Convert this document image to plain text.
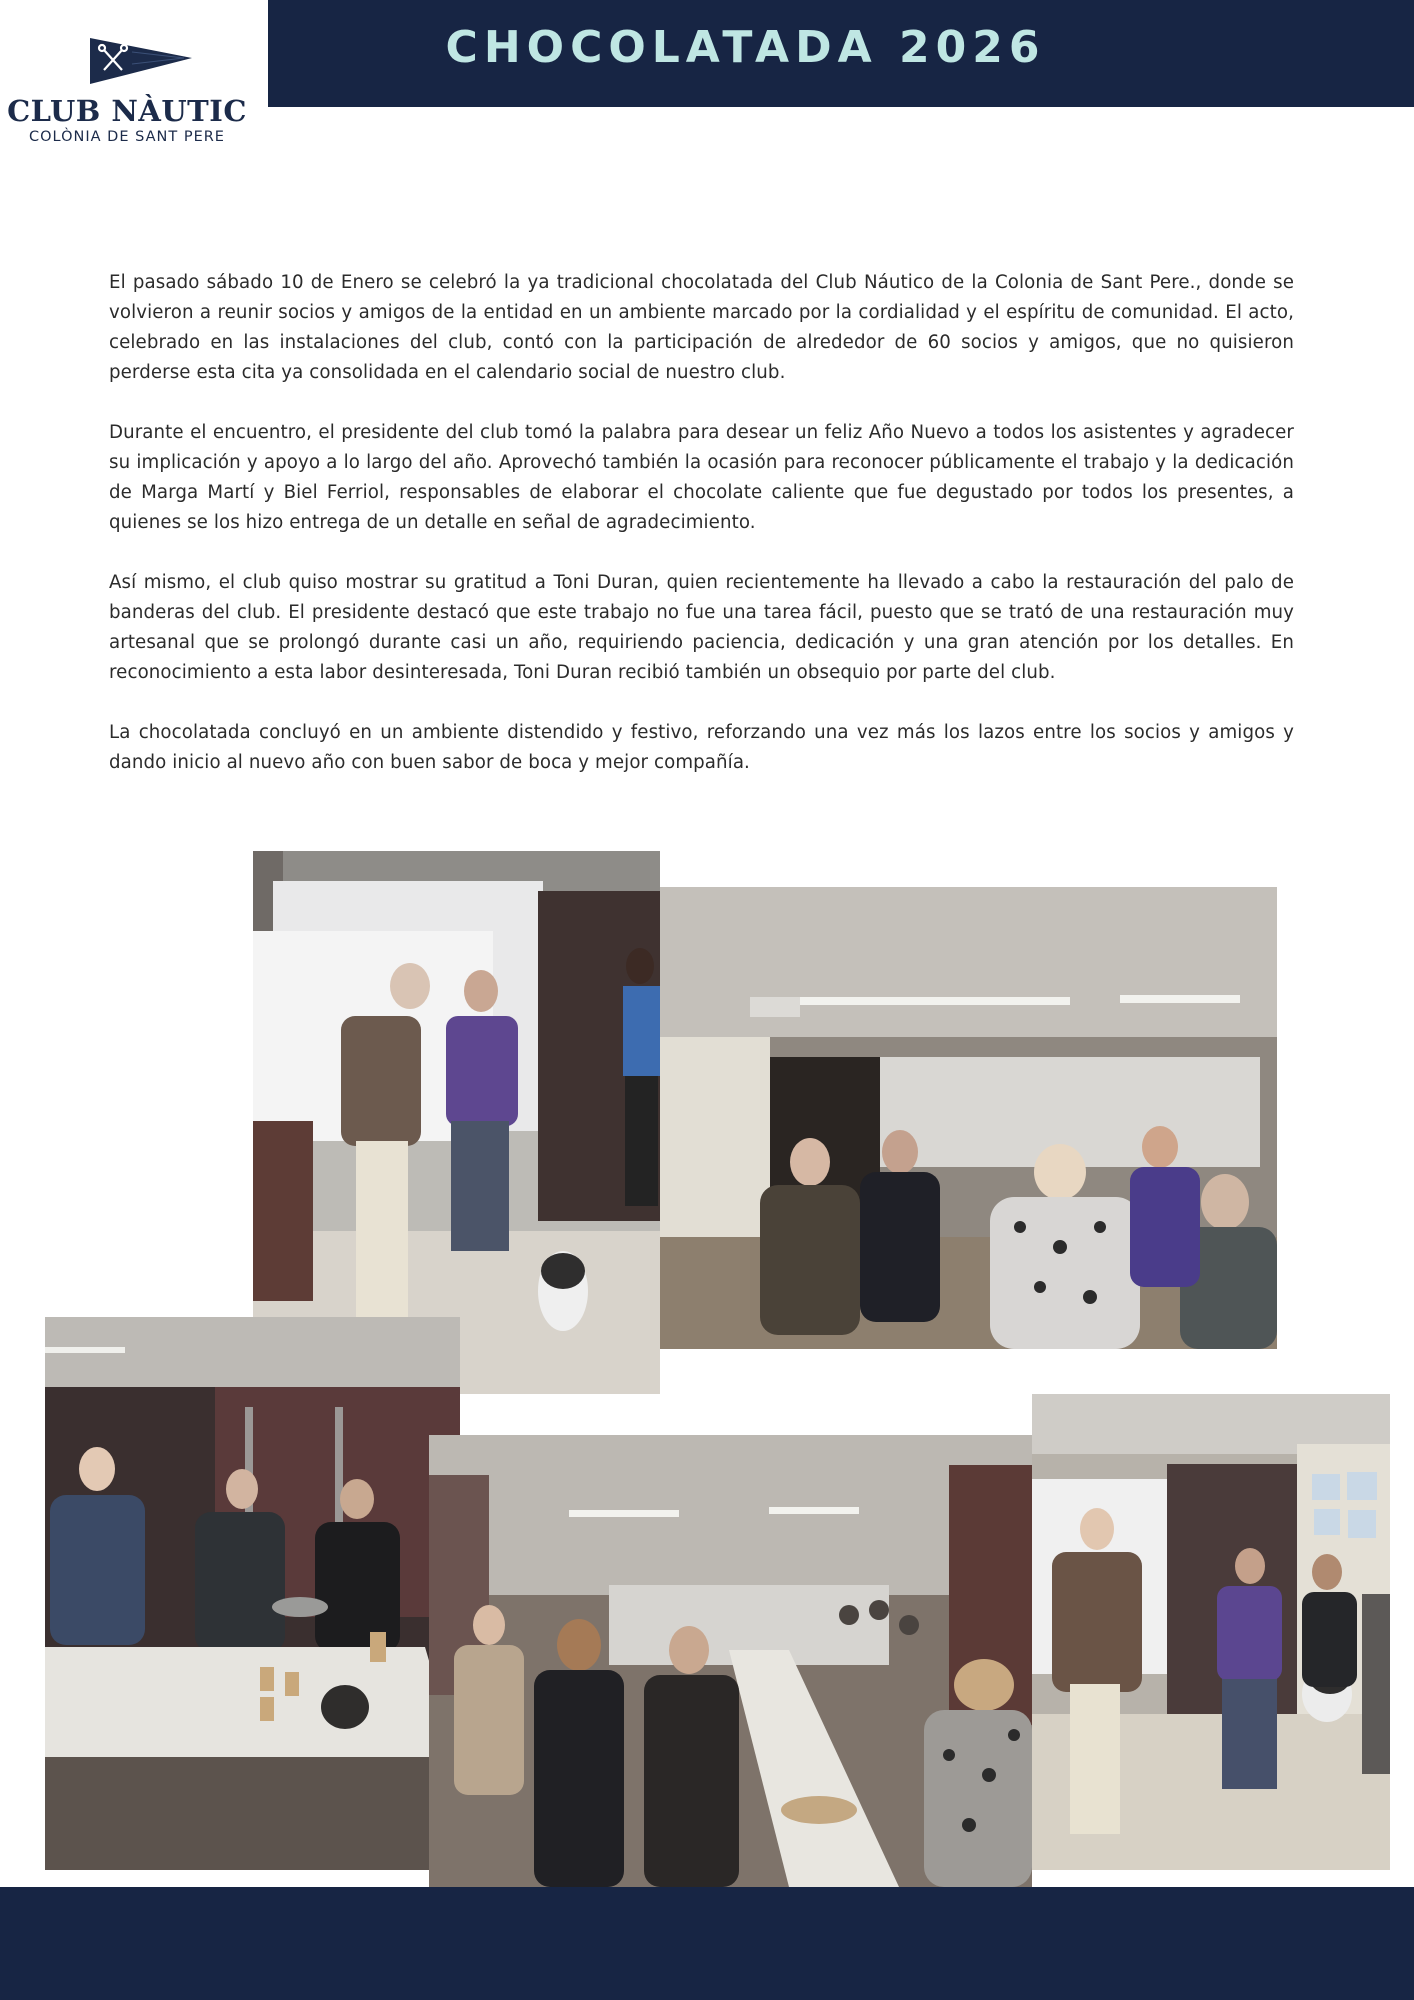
CLUB NÀUTIC
COLÒNIA DE SANT PERE
CHOCOLATADA 2026

El pasado sábado 10 de Enero se celebró la ya tradicional chocolatada del Club Náutico de la Colonia de Sant Pere., donde se volvieron a reunir socios y amigos de la entidad en un ambiente marcado por la cordialidad y el espíritu de comunidad. El acto, celebrado en las instalaciones del club, contó con la participación de alrededor de 60 socios y amigos, que no quisieron perderse esta cita ya consolidada en el calendario social de nuestro club.

Durante el encuentro, el presidente del club tomó la palabra para desear un feliz Año Nuevo a todos los asistentes y agradecer su implicación y apoyo a lo largo del año. Aprovechó también la ocasión para reconocer públicamente el trabajo y la dedicación de Marga Martí y Biel Ferriol, responsables de elaborar el chocolate caliente que fue degustado por todos los presentes, a quienes se los hizo entrega de un detalle en señal de agradecimiento.

Así mismo, el club quiso mostrar su gratitud a Toni Duran, quien recientemente ha llevado a cabo la restauración del palo de banderas del club. El presidente destacó que este trabajo no fue una tarea fácil, puesto que se trató de una restauración muy artesanal que se prolongó durante casi un año, requiriendo paciencia, dedicación y una gran atención por los detalles. En reconocimiento a esta labor desinteresada, Toni Duran recibió también un obsequio por parte del club.

La chocolatada concluyó en un ambiente distendido y festivo, reforzando una vez más los lazos entre los socios y amigos y dando inicio al nuevo año con buen sabor de boca y mejor compañía.
